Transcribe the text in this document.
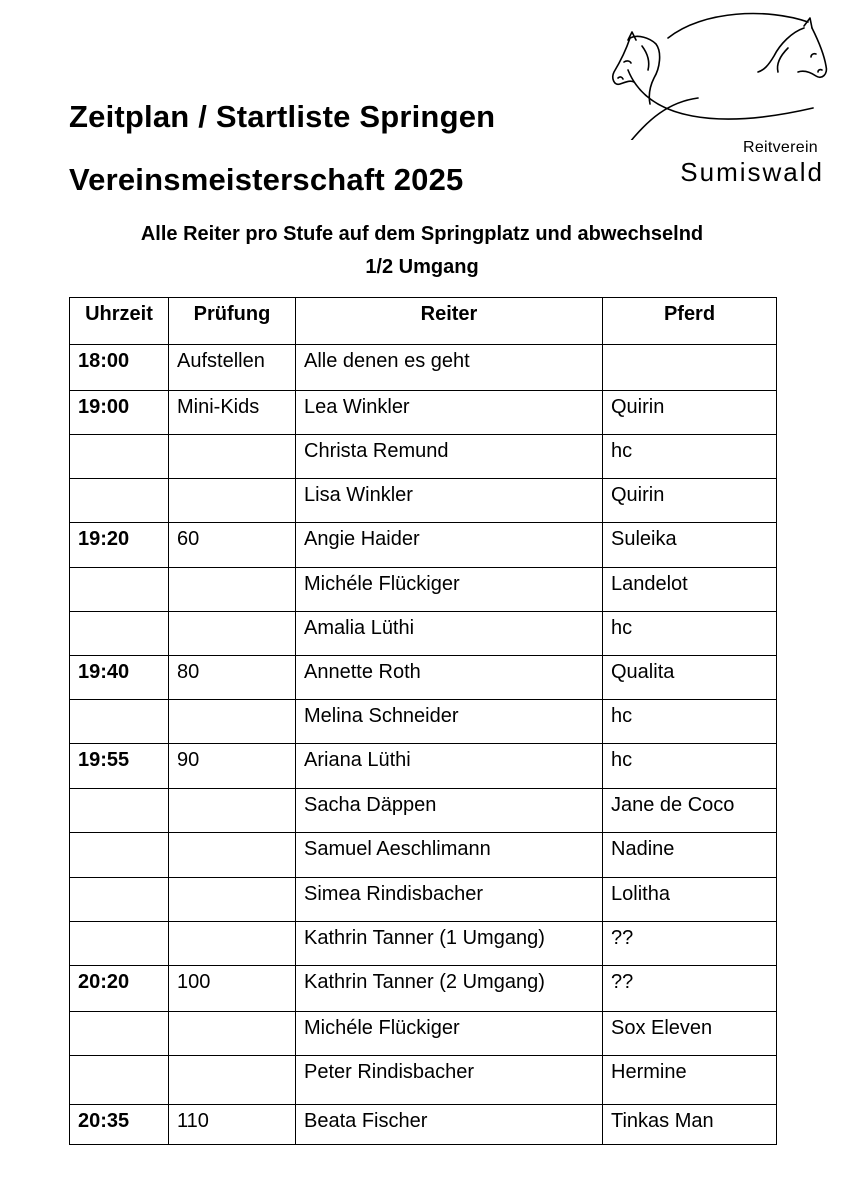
Zeitplan / Startliste Springen
Vereinsmeisterschaft 2025
Reitverein
Sumiswald
Alle Reiter pro Stufe auf dem Springplatz und abwechselnd
1/2 Umgang
Uhrzeit	Prüfung	Reiter	Pferd
18:00	Aufstellen	Alle denen es geht	
19:00	Mini-Kids	Lea Winkler	Quirin
		Christa Remund	hc
		Lisa Winkler	Quirin
19:20	60	Angie Haider	Suleika
		Michéle Flückiger	Landelot
		Amalia Lüthi	hc
19:40	80	Annette Roth	Qualita
		Melina Schneider	hc
19:55	90	Ariana Lüthi	hc
		Sacha Däppen	Jane de Coco
		Samuel Aeschlimann	Nadine
		Simea Rindisbacher	Lolitha
		Kathrin Tanner (1 Umgang)	??
20:20	100	Kathrin Tanner (2 Umgang)	??
		Michéle Flückiger	Sox Eleven
		Peter Rindisbacher	Hermine
20:35	110	Beata Fischer	Tinkas Man
